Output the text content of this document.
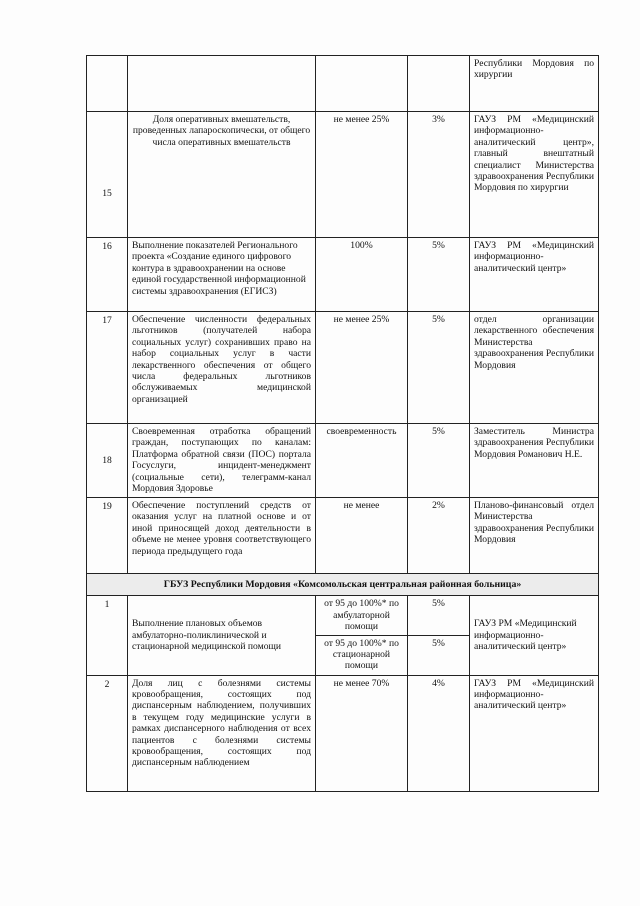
				Республики Мордовия по хирургии
15	Доля оперативных вмешательств, проведенных лапароскопически, от общего числа оперативных вмешательств	не менее 25%	3%	ГАУЗ РМ «Медицинский информационно-аналитический центр», главный внештатный специалист Министерства здравоохранения Республики Мордовия по хирургии
16	Выполнение показателей Регионального проекта «Создание единого цифрового контура в здравоохранении на основе единой государственной информационной системы здравоохранения (ЕГИСЗ)	100%	5%	ГАУЗ РМ «Медицинский информационно-аналитический центр»
17	Обеспечение численности федеральных льготников (получателей набора социальных услуг) сохранивших право на набор социальных услуг в части лекарственного обеспечения от общего числа федеральных льготников обслуживаемых медицинской организацией	не менее 25%	5%	отдел организации лекарственного обеспечения Министерства здравоохранения Республики Мордовия
18	Своевременная отработка обращений граждан, поступающих по каналам: Платформа обратной связи (ПОС) портала Госуслуги, инцидент-менеджмент (социальные сети), телеграмм-канал Мордовия Здоровье	своевременность	5%	Заместитель Министра здравоохранения Республики Мордовия Романович Н.Е.
19	Обеспечение поступлений средств от оказания услуг на платной основе и от иной приносящей доход деятельности в объеме не менее уровня соответствующего периода предыдущего года	не менее	2%	Планово-финансовый отдел Министерства здравоохранения Республики Мордовия
ГБУЗ Республики Мордовия «Комсомольская центральная районная больница»				
1	Выполнение плановых объемов амбулаторно-поликлинической и стационарной медицинской помощи	от 95 до 100%* по амбулаторной помощи	5%	ГАУЗ РМ «Медицинский информационно-аналитический центр»
		от 95 до 100%* по стационарной помощи	5%	
2	Доля лиц с болезнями системы кровообращения, состоящих под диспансерным наблюдением, получивших в текущем году медицинские услуги в рамках диспансерного наблюдения от всех пациентов с болезнями системы кровообращения, состоящих под диспансерным наблюдением	не менее 70%	4%	ГАУЗ РМ «Медицинский информационно-аналитический центр»
